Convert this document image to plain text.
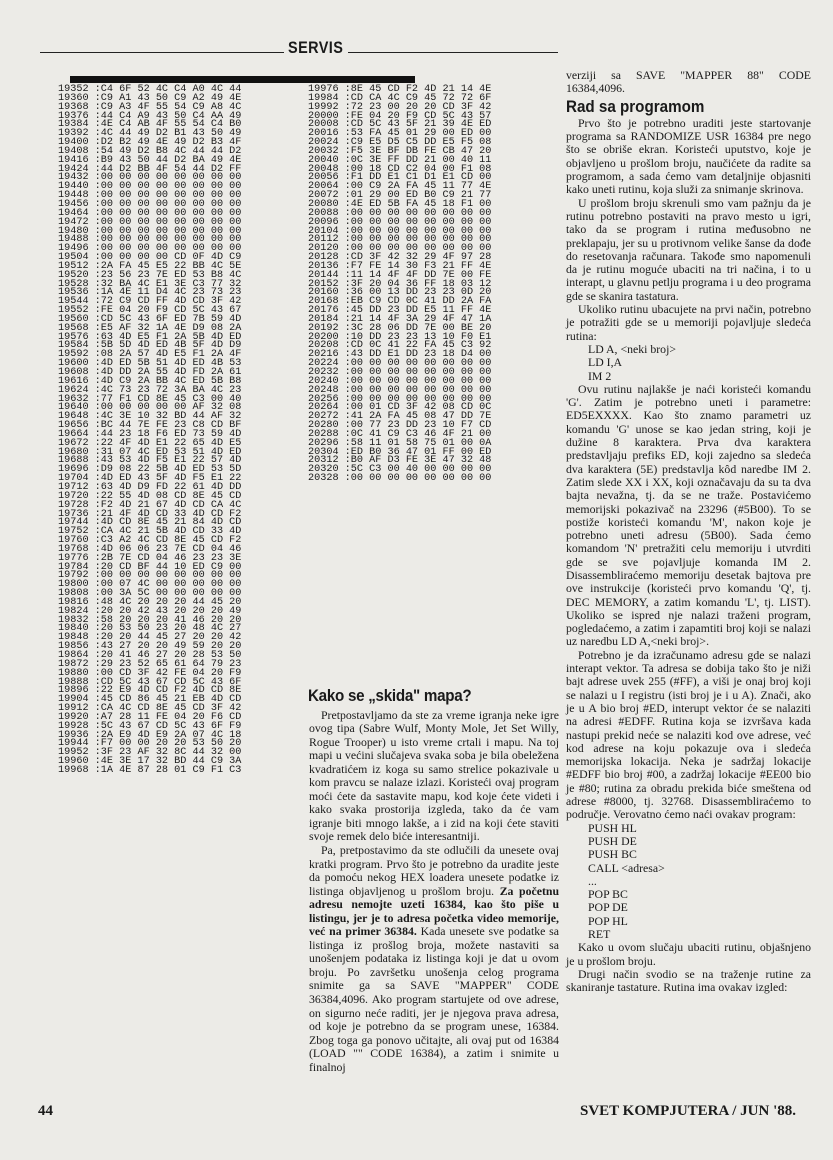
SERVIS

19352 :C4 6F 52 4C C4 A0 4C 44
19360 :C9 A1 43 50 C9 A2 49 4E
19368 :C9 A3 4F 55 54 C9 A8 4C
19376 :44 C4 A9 43 50 C4 AA 49
19384 :4E C4 AB 4F 55 54 C4 B0
19392 :4C 44 49 D2 B1 43 50 49
19400 :D2 B2 49 4E 49 D2 B3 4F
19408 :54 49 D2 B8 4C 44 44 D2
19416 :B9 43 50 44 D2 BA 49 4E
19424 :44 D2 BB 4F 54 44 D2 FF
19432 :00 00 00 00 00 00 00 00
19440 :00 00 00 00 00 00 00 00
19448 :00 00 00 00 00 00 00 00
19456 :00 00 00 00 00 00 00 00
19464 :00 00 00 00 00 00 00 00
19472 :00 00 00 00 00 00 00 00
19480 :00 00 00 00 00 00 00 00
19488 :00 00 00 00 00 00 00 00
19496 :00 00 00 00 00 00 00 00
19504 :00 00 00 00 CD 0F 4D C9
19512 :2A FA 45 E5 22 BB 4C 5E
19520 :23 56 23 7E ED 53 B8 4C
19528 :32 BA 4C E1 3E C3 77 32
19536 :1A 4E 11 D4 4C 23 73 23
19544 :72 C9 CD FF 4D CD 3F 42
19552 :FE 04 20 F9 CD 5C 43 67
19560 :CD 5C 43 6F ED 7B 59 4D
19568 :E5 AF 32 1A 4E D9 08 2A
19576 :63 4D E5 F1 2A 5B 4D ED
19584 :5B 5D 4D ED 4B 5F 4D D9
19592 :08 2A 57 4D E5 F1 2A 4F
19600 :4D ED 5B 51 4D ED 4B 53
19608 :4D DD 2A 55 4D FD 2A 61
19616 :4D C9 2A BB 4C ED 5B B8
19624 :4C 73 23 72 3A BA 4C 23
19632 :77 F1 CD 8E 45 C3 00 40
19640 :00 00 00 00 00 AF 32 08
19648 :4C 3E 10 32 BD 44 AF 32
19656 :BC 44 7E FE 23 C8 CD BF
19664 :44 23 18 F6 ED 73 59 4D
19672 :22 4F 4D E1 22 65 4D E5
19680 :31 07 4C ED 53 51 4D ED
19688 :43 53 4D F5 E1 22 57 4D
19696 :D9 08 22 5B 4D ED 53 5D
19704 :4D ED 43 5F 4D F5 E1 22
19712 :63 4D D9 FD 22 61 4D DD
19720 :22 55 4D 08 CD 8E 45 CD
19728 :F2 4D 21 67 4D CD CA 4C
19736 :21 4F 4D CD 33 4D CD F2
19744 :4D CD 8E 45 21 84 4D CD
19752 :CA 4C 21 5B 4D CD 33 4D
19760 :C3 A2 4C CD 8E 45 CD F2
19768 :4D 06 06 23 7E CD 04 46
19776 :2B 7E CD 04 46 23 23 3E
19784 :20 CD BF 44 10 ED C9 00
19792 :00 00 00 00 00 00 00 00
19800 :00 07 4C 00 00 00 00 00
19808 :00 3A 5C 00 00 00 00 00
19816 :48 4C 20 20 20 44 45 20
19824 :20 20 42 43 20 20 20 49
19832 :58 20 20 20 41 46 20 20
19840 :20 53 50 23 20 48 4C 27
19848 :20 20 44 45 27 20 20 42
19856 :43 27 20 20 49 59 20 20
19864 :20 41 46 27 20 28 53 50
19872 :29 23 52 65 61 64 79 23
19880 :00 CD 3F 42 FE 04 20 F9
19888 :CD 5C 43 67 CD 5C 43 6F
19896 :22 E9 4D CD F2 4D CD 8E
19904 :45 CD 86 45 21 EB 4D CD
19912 :CA 4C CD 8E 45 CD 3F 42
19920 :A7 28 11 FE 04 20 F6 CD
19928 :5C 43 67 CD 5C 43 6F F9
19936 :2A E9 4D E9 2A 07 4C 18
19944 :F7 00 00 20 20 53 50 20
19952 :3F 23 AF 32 8C 44 32 00
19960 :4E 3E 17 32 BD 44 C9 3A
19968 :1A 4E 87 28 01 C9 F1 C3

19976 :8E 45 CD F2 4D 21 14 4E
19984 :CD CA 4C C9 45 72 72 6F
19992 :72 23 00 20 20 CD 3F 42
20000 :FE 04 20 F9 CD 5C 43 57
20008 :CD 5C 43 5F 21 39 4E ED
20016 :53 FA 45 01 29 00 ED 00
20024 :C9 E5 D5 C5 DD E5 F5 08
20032 :F5 3E BF DB FE CB 47 20
20040 :0C 3E FF DD 21 00 40 11
20048 :00 18 CD C2 04 00 F1 08
20056 :F1 DD E1 C1 D1 E1 CD 00
20064 :00 C9 2A FA 45 11 77 4E
20072 :01 29 00 ED B0 C9 21 77
20080 :4E ED 5B FA 45 18 F1 00
20088 :00 00 00 00 00 00 00 00
20096 :00 00 00 00 00 00 00 00
20104 :00 00 00 00 00 00 00 00
20112 :00 00 00 00 00 00 00 00
20120 :00 00 00 00 00 00 00 00
20128 :CD 3F 42 32 29 4F 97 28
20136 :F7 FE 14 30 F3 21 FF 4E
20144 :11 14 4F 4F DD 7E 00 FE
20152 :3F 20 04 36 FF 18 03 12
20160 :36 00 13 DD 23 23 0D 20
20168 :EB C9 CD 0C 41 DD 2A FA
20176 :45 DD 23 DD E5 11 FF 4E
20184 :21 14 4F 3A 29 4F 47 1A
20192 :3C 28 06 DD 7E 00 BE 20
20200 :10 DD 23 23 13 10 F0 E1
20208 :CD 0C 41 22 FA 45 C3 92
20216 :43 DD E1 DD 23 18 D4 00
20224 :00 00 00 00 00 00 00 00
20232 :00 00 00 00 00 00 00 00
20240 :00 00 00 00 00 00 00 00
20248 :00 00 00 00 00 00 00 00
20256 :00 00 00 00 00 00 00 00
20264 :00 01 CD 3F 42 08 CD 0C
20272 :41 2A FA 45 08 47 DD 7E
20280 :00 77 23 DD 23 10 F7 CD
20288 :0C 41 C9 C3 46 4F 21 00
20296 :58 11 01 58 75 01 00 0A
20304 :ED B0 36 47 01 FF 00 ED
20312 :B0 AF D3 FE 3E 47 32 48
20320 :5C C3 00 40 00 00 00 00
20328 :00 00 00 00 00 00 00 00

Kako se „skida" mapa?

Pretpostavljamo da ste za vreme igranja neke igre ovog tipa (Sabre Wulf, Monty Mole, Jet Set Willy, Rogue Trooper) u isto vreme crtali i mapu. Na toj mapi u većini slučajeva svaka soba je bila obeležena kvadratićem iz koga su samo strelice pokazivale u kom pravcu se nalaze izlazi. Koristeći ovaj program moći ćete da sastavite mapu, kod koje ćete videti i kako svaka prostorija izgleda, tako da će vam igranje biti mnogo lakše, a i zid na koji ćete staviti svoje remek delo biće interesantniji.

Pa, pretpostavimo da ste odlučili da unesete ovaj kratki program. Prvo što je potrebno da uradite jeste da pomoću nekog HEX loadera unesete podatke iz listinga objavljenog u prošlom broju. Za početnu adresu nemojte uzeti 16384, kao što piše u listingu, jer je to adresa početka video memorije, već na primer 36384. Kada unesete sve podatke sa listinga iz prošlog broja, možete nastaviti sa unošenjem podataka iz listinga koji je dat u ovom broju. Po završetku unošenja celog programa snimite ga sa SAVE "MAPPER" CODE 36384,4096. Ako program startujete od ove adrese, on sigurno neće raditi, jer je njegova prava adresa, od koje je potrebno da se program unese, 16384. Zbog toga ga ponovo učitajte, ali ovaj put od 16384 (LOAD "" CODE 16384), a zatim i snimite u finalnoj

verziji sa SAVE "MAPPER 88" CODE 16384,4096.

Rad sa programom

Prvo što je potrebno uraditi jeste startovanje programa sa RANDOMIZE USR 16384 pre nego što se obriše ekran. Koristeći uputstvo, koje je objavljeno u prošlom broju, naučićete da radite sa programom, a sada ćemo vam detaljnije objasniti kako uneti rutinu, koja služi za snimanje skrinova.

U prošlom broju skrenuli smo vam pažnju da je rutinu potrebno postaviti na pravo mesto u igri, tako da se program i rutina međusobno ne preklapaju, jer su u protivnom velike šanse da dođe do resetovanja računara. Takođe smo napomenuli da je rutinu moguće ubaciti na tri načina, i to u interapt, u glavnu petlju programa i u deo programa gde se skanira tastatura.

Ukoliko rutinu ubacujete na prvi način, potrebno je potražiti gde se u memoriji pojavljuje sledeća rutina:

LD A, <neki broj>

LD I,A

IM 2

Ovu rutinu najlakše je naći koristeći komandu 'G'. Zatim je potrebno uneti i parametre: ED5EXXXX. Kao što znamo parametri uz komandu 'G' unose se kao jedan string, koji je dužine 8 karaktera. Prva dva karaktera predstavljaju prefiks ED, koji zajedno sa sledeća dva karaktera (5E) predstavlja kôd naredbe IM 2. Zatim slede XX i XX, koji označavaju da su ta dva bajta nevažna, tj. da se ne traže. Postavićemo memorijski pokazivač na 23296 (#5B00). To se postiže koristeći komandu 'M', nakon koje je potrebno uneti adresu (5B00). Sada ćemo komandom 'N' pretražiti celu memoriju i utvrditi gde se sve pojavljuje komanda IM 2. Disassembliraćemo memoriju desetak bajtova pre ove instrukcije (koristeći prvo komandu 'Q', tj. DEC MEMORY, a zatim komandu 'L', tj. LIST). Ukoliko se ispred nje nalazi traženi program, pogledaćemo, a zatim i zapamtiti broj koji se nalazi uz naredbu LD A,<neki broj>.

Potrebno je da izračunamo adresu gde se nalazi interapt vektor. Ta adresa se dobija tako što je niži bajt adrese uvek 255 (#FF), a viši je onaj broj koji se nalazi u I registru (isti broj je i u A). Znači, ako je u A bio broj #ED, interupt vektor će se nalaziti na adresi #EDFF. Rutina koja se izvršava kada nastupi prekid neće se nalaziti kod ove adrese, već kod adrese na koju pokazuje ova i sledeća memorijska lokacija. Neka je sadržaj lokacije #EDFF bio broj #00, a zadržaj lokacije #EE00 bio je #80; rutina za obradu prekida biće smeštena od adrese #8000, tj. 32768. Disassembliraćemo to područje. Verovatno ćemo naći ovakav program:

PUSH HL

PUSH DE

PUSH BC

CALL <adresa>

...

POP BC

POP DE

POP HL

RET

Kako u ovom slučaju ubaciti rutinu, objašnjeno je u prošlom broju.

Drugi način svodio se na traženje rutine za skaniranje tastature. Rutina ima ovakav izgled:

44	SVET KOMPJUTERA / JUN '88.
